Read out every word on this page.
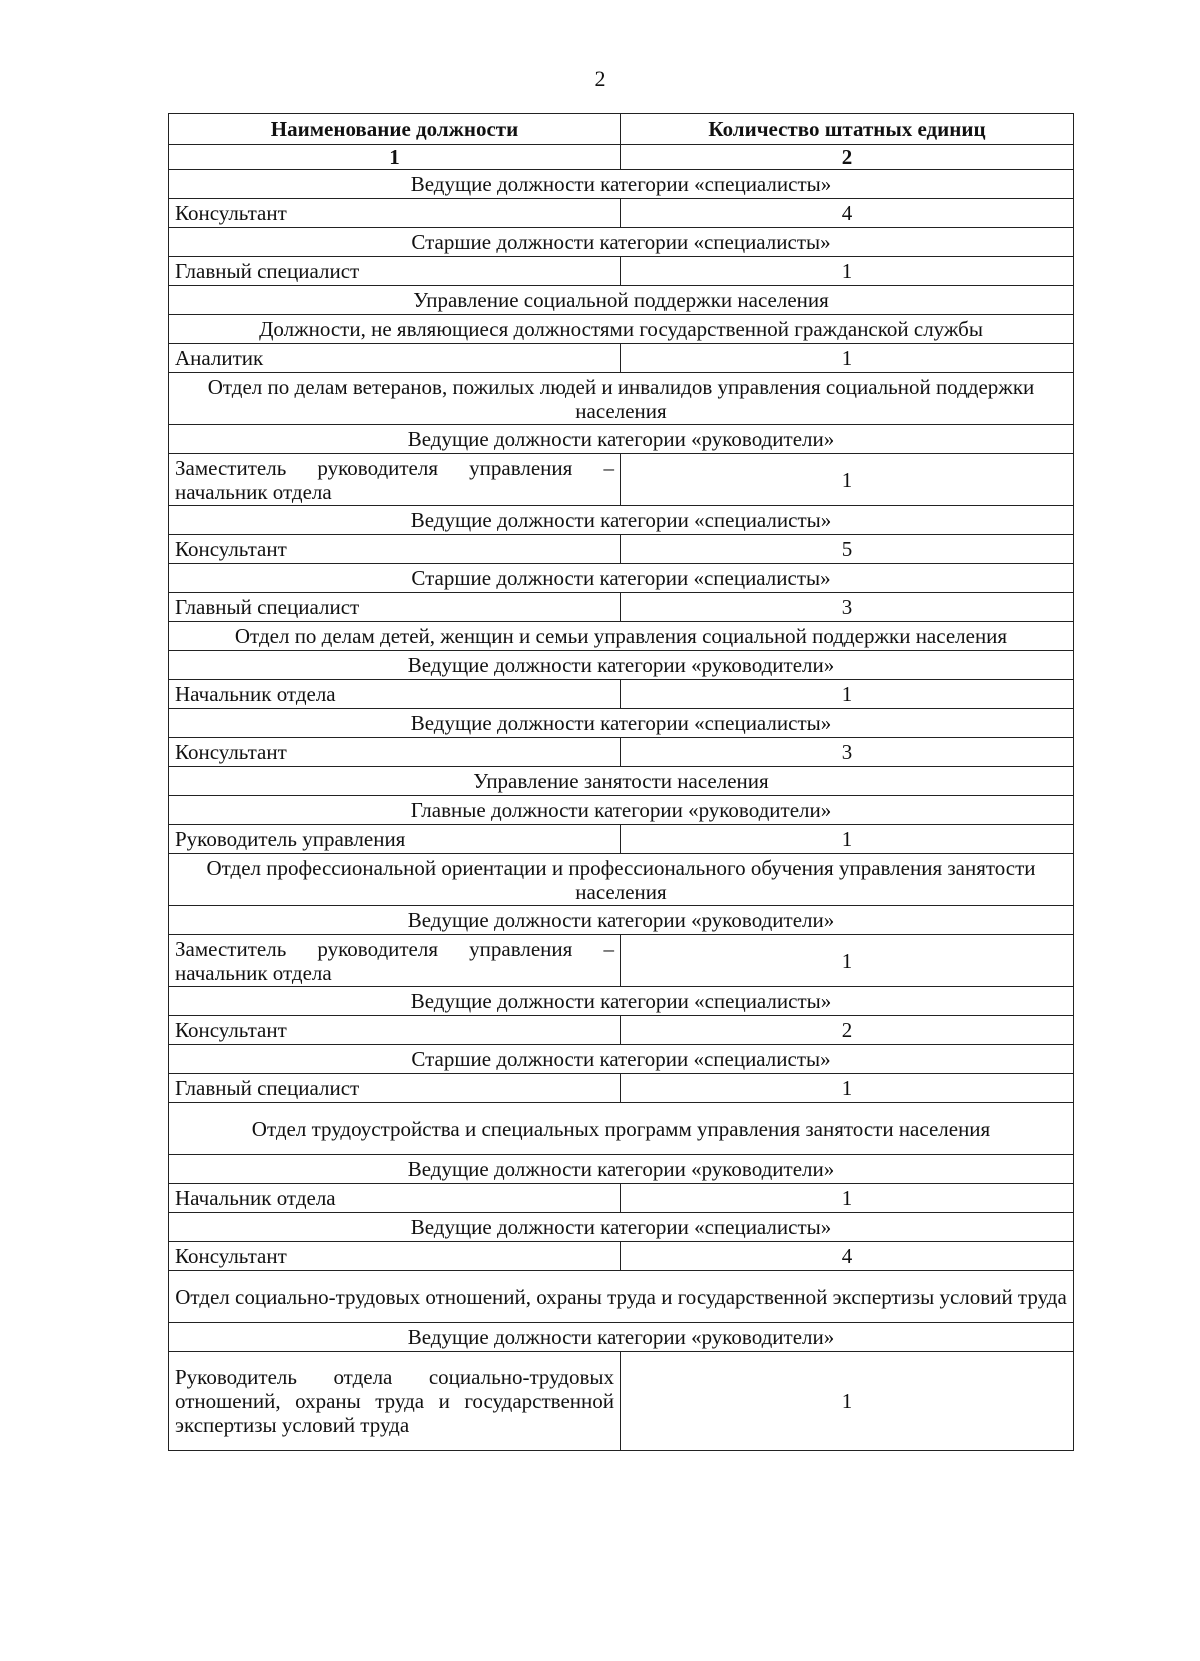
2
Наименование должности	Количество штатных единиц
1	2
Ведущие должности категории «специалисты»	
Консультант	4
Старшие должности категории «специалисты»	
Главный специалист	1
Управление социальной поддержки населения	
Должности, не являющиеся должностями государственной гражданской службы	
Аналитик	1
Отдел по делам ветеранов, пожилых людей и инвалидов управления социальной поддержки населения	
Ведущие должности категории «руководители»	
Заместитель руководителя управления – начальник отдела	1
Ведущие должности категории «специалисты»	
Консультант	5
Старшие должности категории «специалисты»	
Главный специалист	3
Отдел по делам детей, женщин и семьи управления социальной поддержки населения	
Ведущие должности категории «руководители»	
Начальник отдела	1
Ведущие должности категории «специалисты»	
Консультант	3
Управление занятости населения	
Главные должности категории «руководители»	
Руководитель управления	1
Отдел профессиональной ориентации и профессионального обучения управления занятости населения	
Ведущие должности категории «руководители»	
Заместитель руководителя управления – начальник отдела	1
Ведущие должности категории «специалисты»	
Консультант	2
Старшие должности категории «специалисты»	
Главный специалист	1
Отдел трудоустройства и специальных программ управления занятости населения	
Ведущие должности категории «руководители»	
Начальник отдела	1
Ведущие должности категории «специалисты»	
Консультант	4
Отдел социально-трудовых отношений, охраны труда и государственной экспертизы условий труда	
Ведущие должности категории «руководители»	
Руководитель отдела социально-трудовых отношений, охраны труда и государственной экспертизы условий труда	1
